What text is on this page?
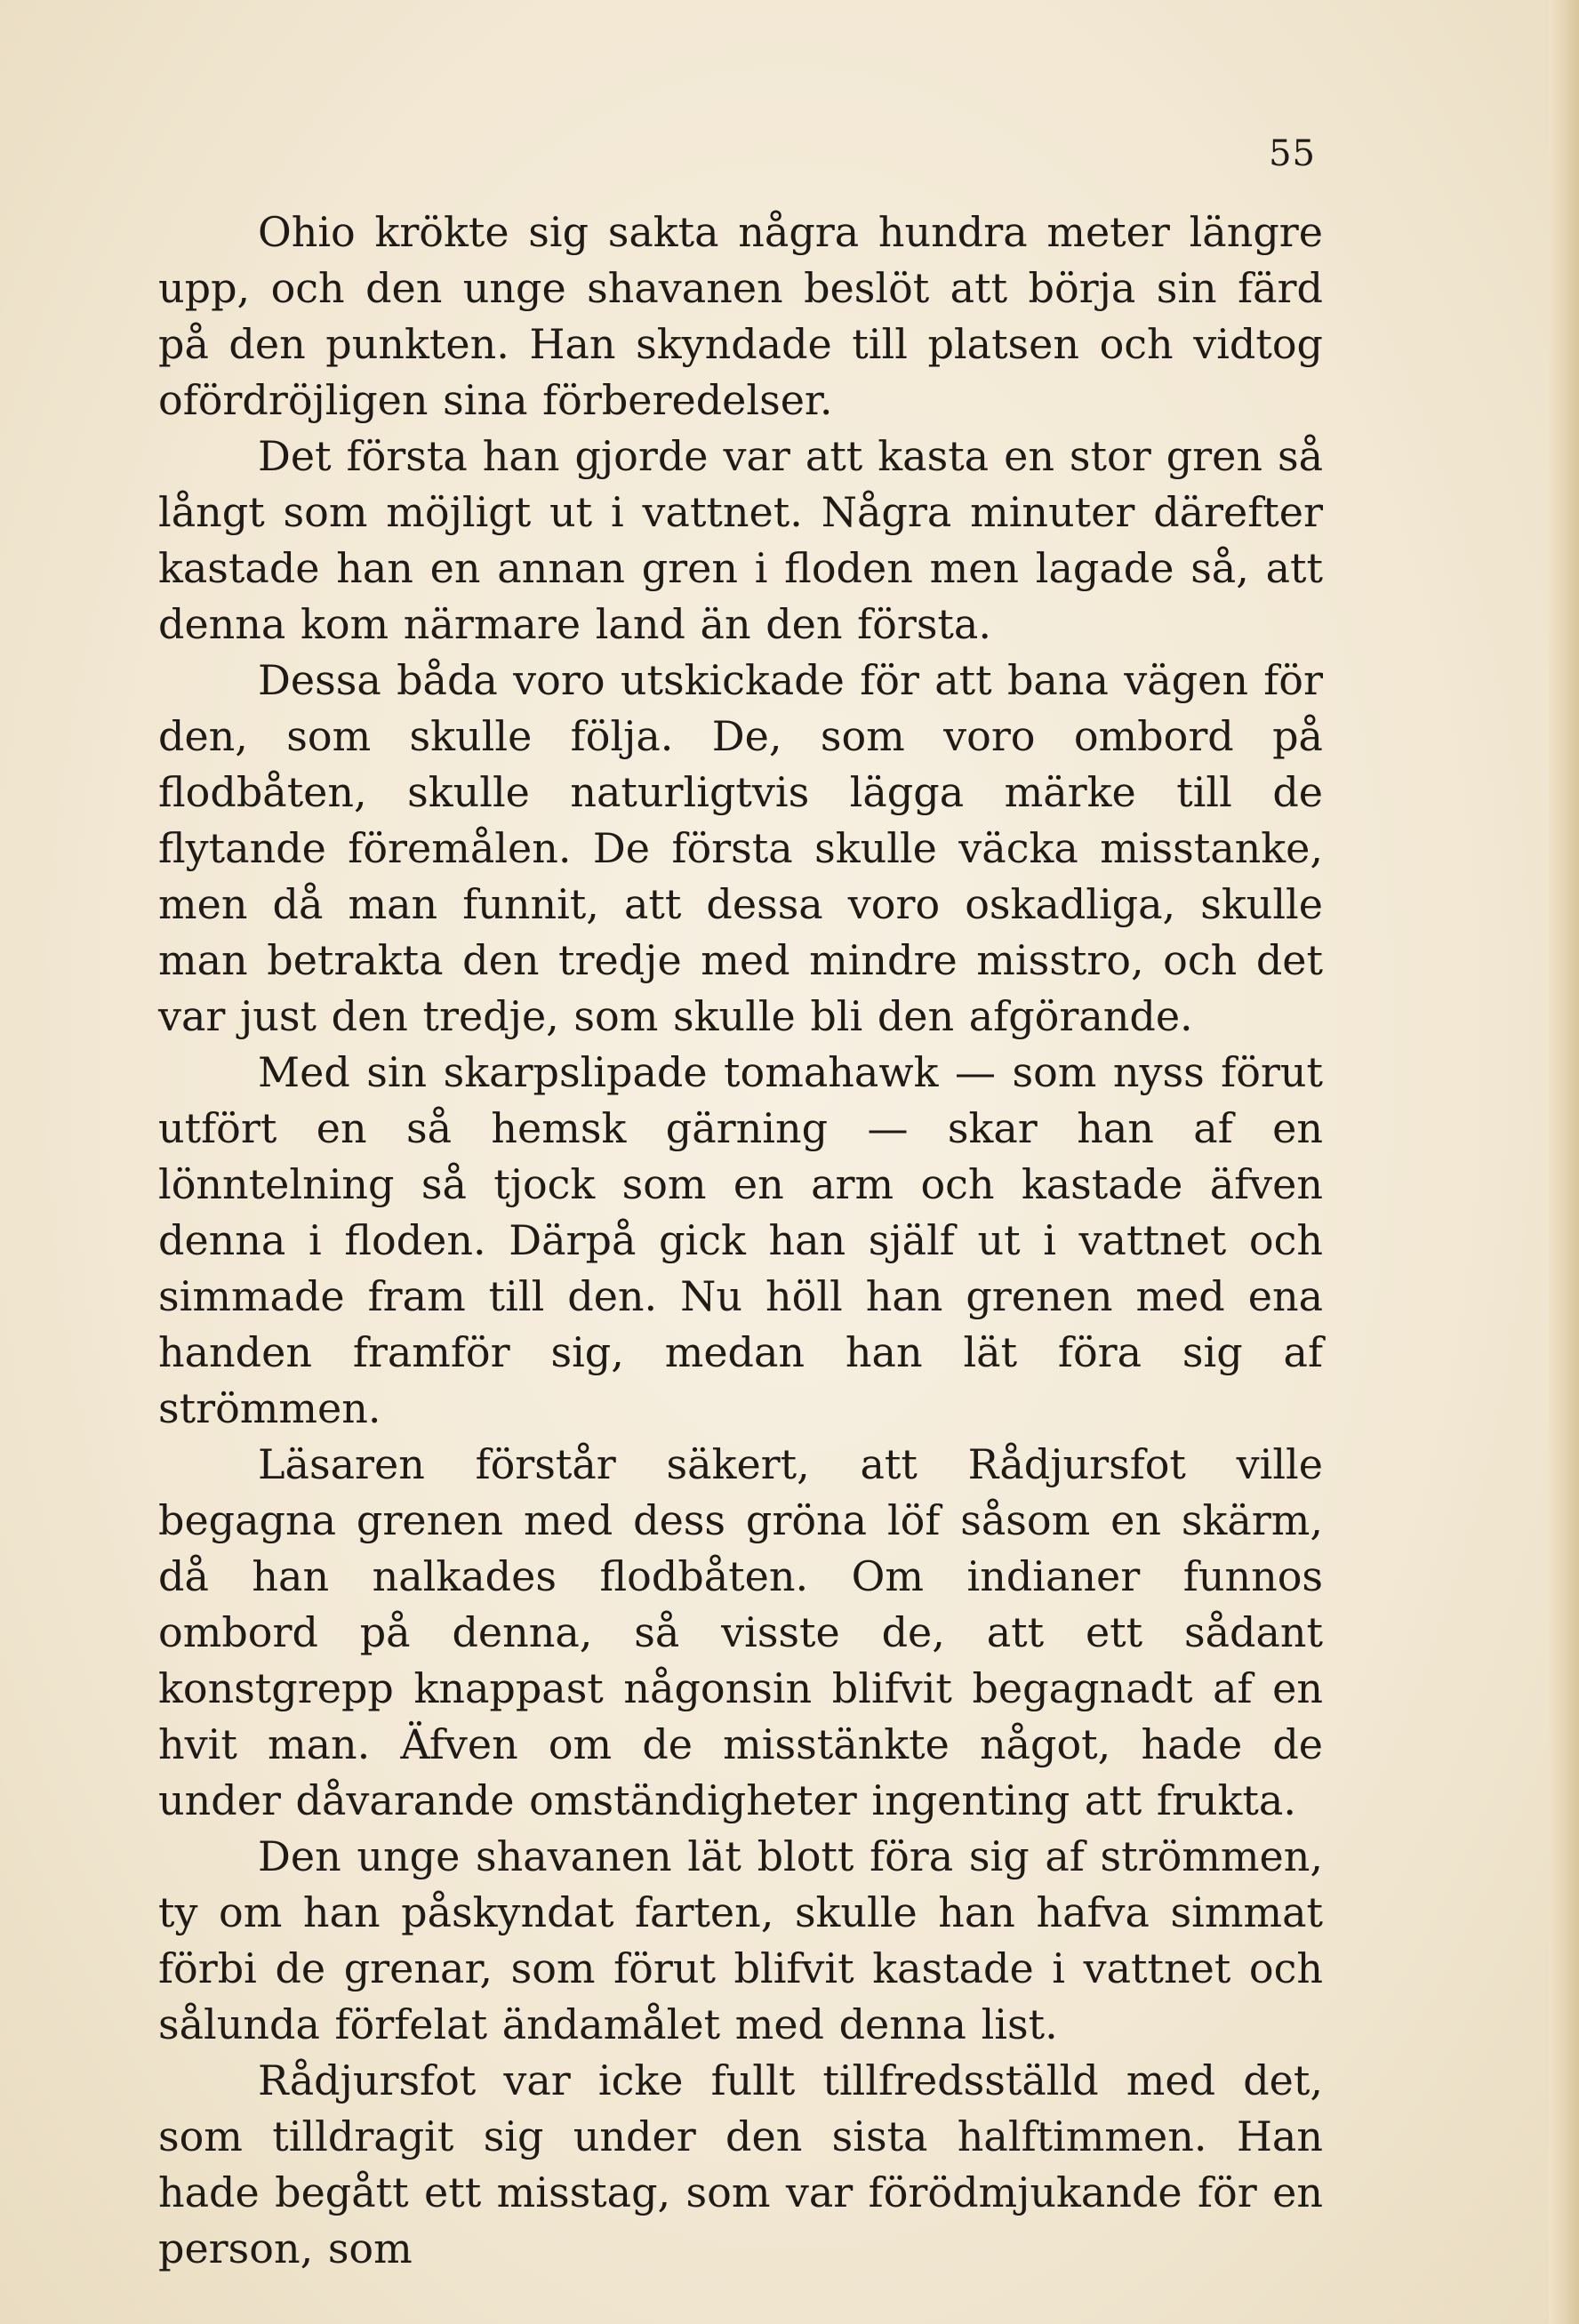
55

Ohio krökte sig sakta några hundra meter längre upp, och den unge shavanen beslöt att börja sin färd på den punkten. Han skyndade till platsen och vidtog ofördröjligen sina förberedelser.

Det första han gjorde var att kasta en stor gren så långt som möjligt ut i vattnet. Några minuter därefter kastade han en annan gren i floden men lagade så, att denna kom närmare land än den första.

Dessa båda voro utskickade för att bana vägen för den, som skulle följa. De, som voro ombord på flodbåten, skulle naturligtvis lägga märke till de flytande föremålen. De första skulle väcka misstanke, men då man funnit, att dessa voro oskadliga, skulle man betrakta den tredje med mindre misstro, och det var just den tredje, som skulle bli den afgörande.

Med sin skarpslipade tomahawk — som nyss förut utfört en så hemsk gärning — skar han af en lönntelning så tjock som en arm och kastade äfven denna i floden. Därpå gick han själf ut i vattnet och simmade fram till den. Nu höll han grenen med ena handen framför sig, medan han lät föra sig af strömmen.

Läsaren förstår säkert, att Rådjursfot ville begagna grenen med dess gröna löf såsom en skärm, då han nalkades flodbåten. Om indianer funnos ombord på denna, så visste de, att ett sådant konstgrepp knappast någonsin blifvit begagnadt af en hvit man. Äfven om de misstänkte något, hade de under dåvarande omständigheter ingenting att frukta.

Den unge shavanen lät blott föra sig af strömmen, ty om han påskyndat farten, skulle han hafva simmat förbi de grenar, som förut blifvit kastade i vattnet och sålunda förfelat ändamålet med denna list.

Rådjursfot var icke fullt tillfredsställd med det, som tilldragit sig under den sista halftimmen. Han hade begått ett misstag, som var förödmjukande för en person, som
